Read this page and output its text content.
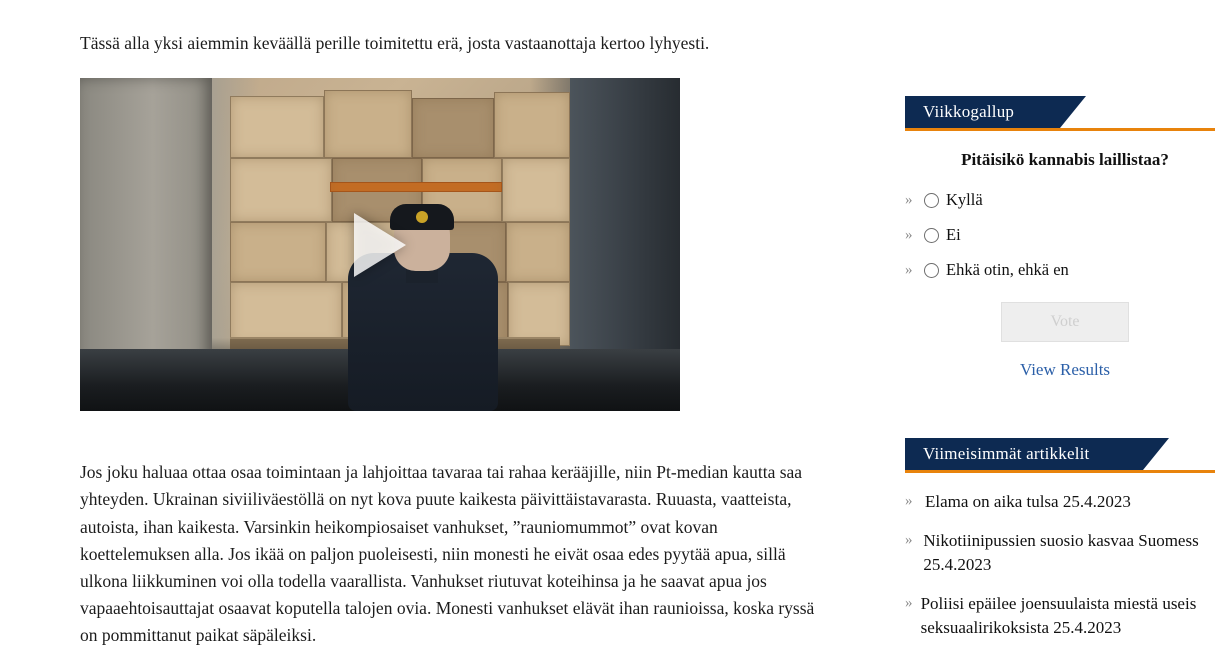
Tässä alla yksi aiemmin keväällä perille toimitettu erä, josta vastaanottaja kertoo lyhyesti.

Jos joku haluaa ottaa osaa toimintaan ja lahjoittaa tavaraa tai rahaa kerääjille, niin Pt-median kautta saa yhteyden. Ukrainan siviiliväestöllä on nyt kova puute kaikesta päivittäistavarasta. Ruuasta, vaatteista, autoista, ihan kaikesta. Varsinkin heikompiosaiset vanhukset, ”rauniomummot” ovat kovan koettelemuksen alla. Jos ikää on paljon puoleisesti, niin monesti he eivät osaa edes pyytää apua, sillä ulkona liikkuminen voi olla todella vaarallista. Vanhukset riutuvat koteihinsa ja he saavat apua jos vapaaehtoisauttajat osaavat koputella talojen ovia. Monesti vanhukset elävät ihan raunioissa, koska ryssä on pommittanut paikat säpäleiksi.

Viikkogallup

Pitäisikö kannabis laillistaa?

» Kyllä
» Ei
» Ehkä otin, ehkä en
Vote
View Results
Viimeisimmät artikkelit
» Elama on aika tulsa 25.4.2023
» Nikotiinipussien suosio kasvaa Suomess 25.4.2023
» Poliisi epäilee joensuulaista miestä useis seksuaalirikoksista 25.4.2023
